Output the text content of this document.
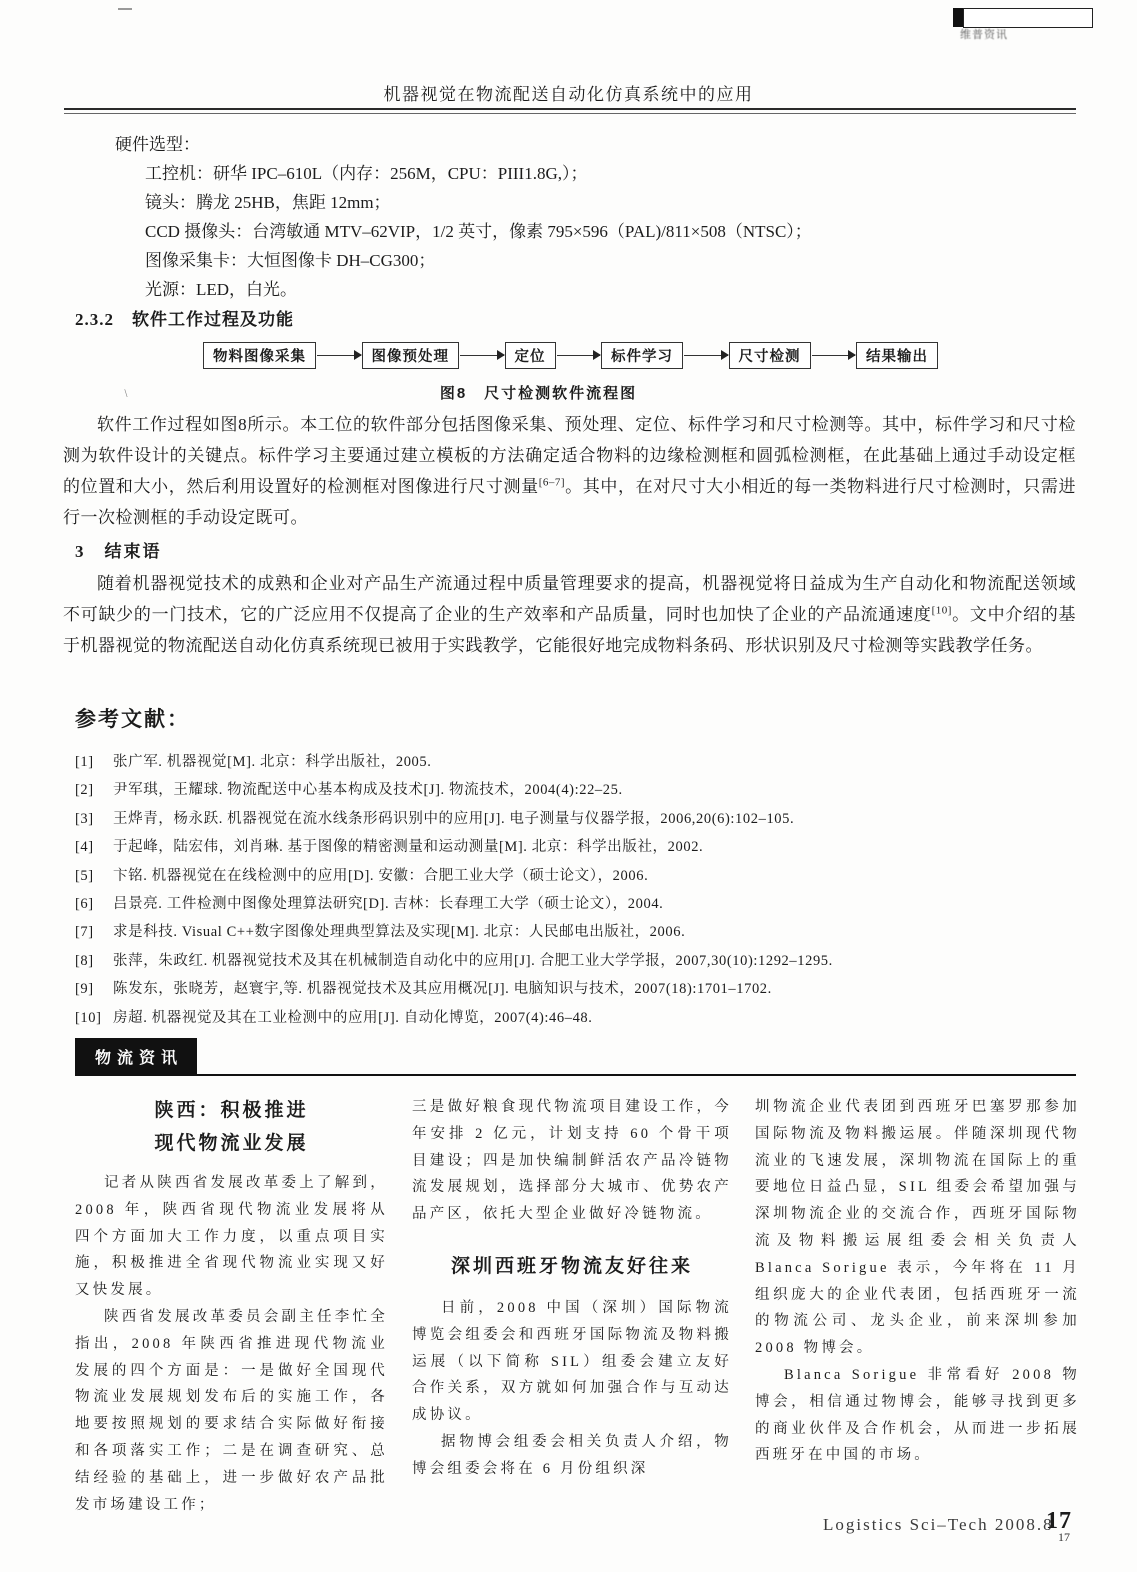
维普资讯
机器视觉在物流配送自动化仿真系统中的应用
硬件选型：
工控机：研华 IPC–610L（内存：256M，CPU：PIII1.8G,）；
镜头：腾龙 25HB，焦距 12mm；
CCD 摄像头：台湾敏通 MTV–62VIP，1/2 英寸，像素 795×596（PAL)/811×508（NTSC）；
图像采集卡：大恒图像卡 DH–CG300；
光源：LED，白光。
2.3.2　软件工作过程及功能
物料图像采集	图像预处理	定位	标件学习	尺寸检测	结果输出
﹨	图8　尺寸检测软件流程图
软件工作过程如图8所示。本工位的软件部分包括图像采集、预处理、定位、标件学习和尺寸检测等。其中，标件学习和尺寸检测为软件设计的关键点。标件学习主要通过建立模板的方法确定适合物料的边缘检测框和圆弧检测框，在此基础上通过手动设定框的位置和大小，然后利用设置好的检测框对图像进行尺寸测量[6–7]。其中，在对尺寸大小相近的每一类物料进行尺寸检测时，只需进行一次检测框的手动设定既可。
3　结束语
随着机器视觉技术的成熟和企业对产品生产流通过程中质量管理要求的提高，机器视觉将日益成为生产自动化和物流配送领域不可缺少的一门技术，它的广泛应用不仅提高了企业的生产效率和产品质量，同时也加快了企业的产品流通速度[10]。文中介绍的基于机器视觉的物流配送自动化仿真系统现已被用于实践教学，它能很好地完成物料条码、形状识别及尺寸检测等实践教学任务。
参考文献：
[1] 张广军. 机器视觉[M]. 北京：科学出版社，2005.
[2] 尹军琪，王耀球. 物流配送中心基本构成及技术[J]. 物流技术，2004(4):22–25.
[3] 王烨青，杨永跃. 机器视觉在流水线条形码识别中的应用[J]. 电子测量与仪器学报，2006,20(6):102–105.
[4] 于起峰，陆宏伟，刘肖琳. 基于图像的精密测量和运动测量[M]. 北京：科学出版社，2002.
[5] 卞铭. 机器视觉在在线检测中的应用[D]. 安徽：合肥工业大学（硕士论文），2006.
[6] 吕景亮. 工件检测中图像处理算法研究[D]. 吉林：长春理工大学（硕士论文），2004.
[7] 求是科技. Visual C++数字图像处理典型算法及实现[M]. 北京：人民邮电出版社，2006.
[8] 张萍，朱政红. 机器视觉技术及其在机械制造自动化中的应用[J]. 合肥工业大学学报，2007,30(10):1292–1295.
[9] 陈发东，张晓芳，赵寰宇,等. 机器视觉技术及其应用概况[J]. 电脑知识与技术，2007(18):1701–1702.
[10] 房超. 机器视觉及其在工业检测中的应用[J]. 自动化博览，2007(4):46–48.
物流资讯
陕西：积极推进
现代物流业发展

记者从陕西省发展改革委上了解到，2008 年，陕西省现代物流业发展将从四个方面加大工作力度，以重点项目实施，积极推进全省现代物流业实现又好又快发展。

陕西省发展改革委员会副主任李忙全指出，2008 年陕西省推进现代物流业发展的四个方面是：一是做好全国现代物流业发展规划发布后的实施工作，各地要按照规划的要求结合实际做好衔接和各项落实工作；二是在调查研究、总结经验的基础上，进一步做好农产品批发市场建设工作；

三是做好粮食现代物流项目建设工作，今年安排 2 亿元，计划支持 60 个骨干项目建设；四是加快编制鲜活农产品冷链物流发展规划，选择部分大城市、优势农产品产区，依托大型企业做好冷链物流。

深圳西班牙物流友好往来

日前，2008 中国（深圳）国际物流博览会组委会和西班牙国际物流及物料搬运展（以下简称 SIL）组委会建立友好合作关系，双方就如何加强合作与互动达成协议。

据物博会组委会相关负责人介绍，物博会组委会将在 6 月份组织深

圳物流企业代表团到西班牙巴塞罗那参加国际物流及物料搬运展。伴随深圳现代物流业的飞速发展，深圳物流在国际上的重要地位日益凸显，SIL 组委会希望加强与深圳物流企业的交流合作，西班牙国际物流及物料搬运展组委会相关负责人 Blanca Sorigue 表示，今年将在 11 月组织庞大的企业代表团，包括西班牙一流的物流公司、龙头企业，前来深圳参加 2008 物博会。

Blanca Sorigue 非常看好 2008 物博会，相信通过物博会，能够寻找到更多的商业伙伴及合作机会，从而进一步拓展西班牙在中国的市场。

Logistics Sci–Tech 2008.8
17
17
